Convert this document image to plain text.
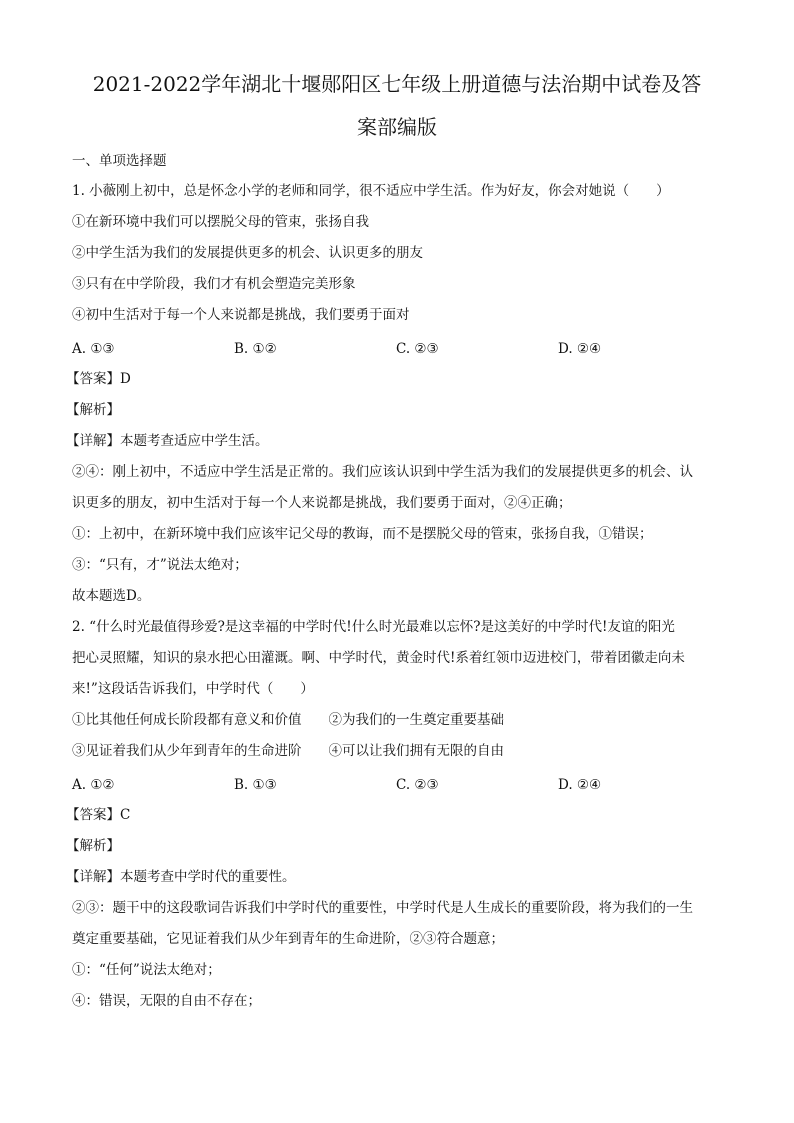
2021-2022学年湖北十堰郧阳区七年级上册道德与法治期中试卷及答
案部编版
一、单项选择题
1. 小薇刚上初中，总是怀念小学的老师和同学，很不适应中学生活。作为好友，你会对她说（　　）
①在新环境中我们可以摆脱父母的管束，张扬自我
②中学生活为我们的发展提供更多的机会、认识更多的朋友
③只有在中学阶段，我们才有机会塑造完美形象
④初中生活对于每一个人来说都是挑战，我们要勇于面对
A. ①③	B. ①②	C. ②③	D. ②④
【答案】D
【解析】
【详解】本题考查适应中学生活。
②④：刚上初中，不适应中学生活是正常的。我们应该认识到中学生活为我们的发展提供更多的机会、认
识更多的朋友，初中生活对于每一个人来说都是挑战，我们要勇于面对，②④正确；
①：上初中，在新环境中我们应该牢记父母的教诲，而不是摆脱父母的管束，张扬自我，①错误；
③：“只有，才”说法太绝对；
故本题选D。
2. “什么时光最值得珍爱?是这幸福的中学时代!什么时光最难以忘怀?是这美好的中学时代!友谊的阳光
把心灵照耀，知识的泉水把心田灌溉。啊、中学时代，黄金时代!系着红领巾迈进校门，带着团徽走向未
来!”这段话告诉我们，中学时代（　　）
①比其他任何成长阶段都有意义和价值　　②为我们的一生奠定重要基础
③见证着我们从少年到青年的生命进阶　　④可以让我们拥有无限的自由
A. ①②	B. ①③	C. ②③	D. ②④
【答案】C
【解析】
【详解】本题考查中学时代的重要性。
②③：题干中的这段歌词告诉我们中学时代的重要性，中学时代是人生成长的重要阶段，将为我们的一生
奠定重要基础，它见证着我们从少年到青年的生命进阶，②③符合题意；
①：“任何”说法太绝对；
④：错误，无限的自由不存在；
